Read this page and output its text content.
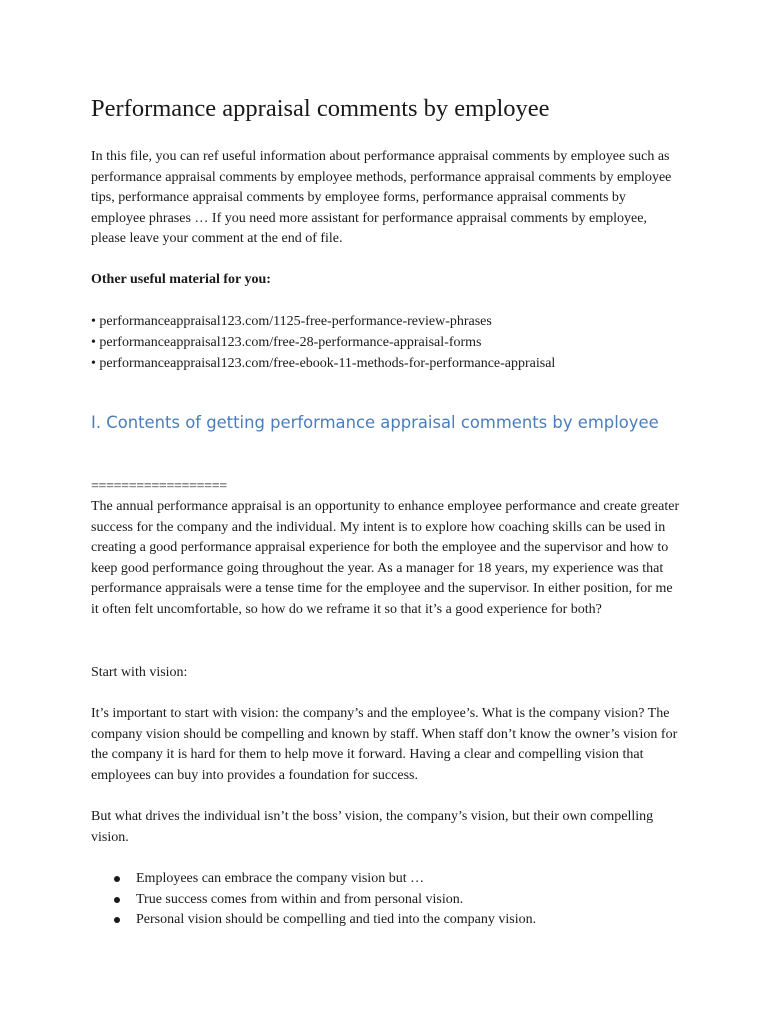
Performance appraisal comments by employee

In this file, you can ref useful information about performance appraisal comments by employee such as performance appraisal comments by employee methods, performance appraisal comments by employee tips, performance appraisal comments by employee forms, performance appraisal comments by employee phrases … If you need more assistant for performance appraisal comments by employee, please leave your comment at the end of file.

Other useful material for you:

• performanceappraisal123.com/1125-free-performance-review-phrases
• performanceappraisal123.com/free-28-performance-appraisal-forms
• performanceappraisal123.com/free-ebook-11-methods-for-performance-appraisal
I. Contents of getting performance appraisal comments by employee

==================

The annual performance appraisal is an opportunity to enhance employee performance and create greater success for the company and the individual. My intent is to explore how coaching skills can be used in creating a good performance appraisal experience for both the employee and the supervisor and how to keep good performance going throughout the year. As a manager for 18 years, my experience was that performance appraisals were a tense time for the employee and the supervisor. In either position, for me it often felt uncomfortable, so how do we reframe it so that it’s a good experience for both?

Start with vision:

It’s important to start with vision: the company’s and the employee’s. What is the company vision? The company vision should be compelling and known by staff. When staff don’t know the owner’s vision for the company it is hard for them to help move it forward. Having a clear and compelling vision that employees can buy into provides a foundation for success.

But what drives the individual isn’t the boss’ vision, the company’s vision, but their own compelling vision.

Employees can embrace the company vision but …
True success comes from within and from personal vision.
Personal vision should be compelling and tied into the company vision.
